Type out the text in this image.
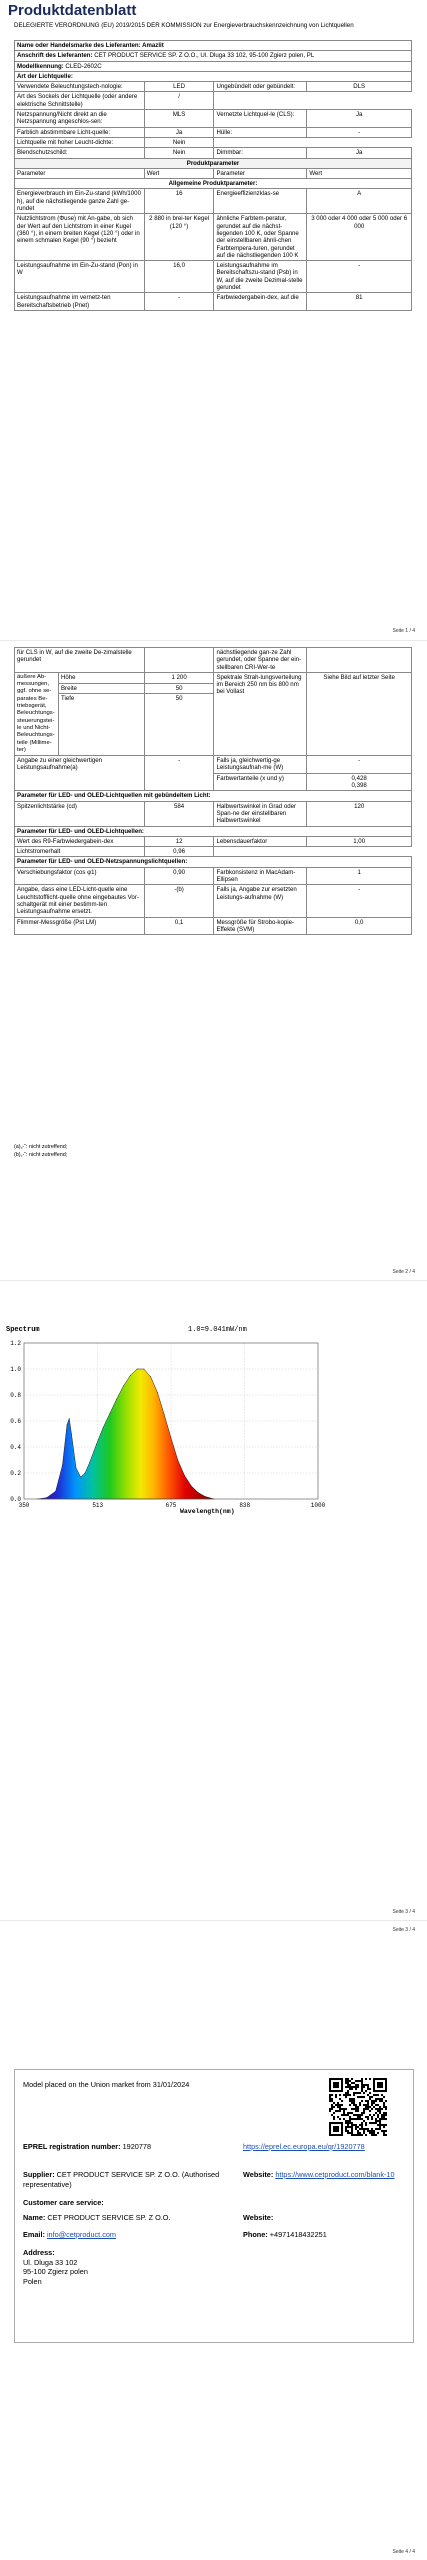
Produktdatenblatt
DELEGIERTE VERORDNUNG (EU) 2019/2015 DER KOMMISSION zur Energieverbrauchskennzeichnung von Lichtquellen
Name oder Handelsmarke des Lieferanten: Amazlit			
Anschrift des Lieferanten: CET PRODUCT SERVICE SP. Z O.O., Ul. Dluga 33 102, 95-100 Zgierz polen, PL			
Modellkennung: CLED-2602C			
Art der Lichtquelle:			
Verwendete Beleuchtungstech-nologie:	LED	Ungebündelt oder gebündelt:	DLS
Art des Sockels der Lichtquelle (oder andere elektrische Schnittstelle)	/		
Netzspannung/Nicht direkt an die Netzspannung angeschlos-sen:	MLS	Vernetzte Lichtquel-le (CLS):	Ja
Farblich abstimmbare Licht-quelle:	Ja	Hülle:	-
Lichtquelle mit hoher Leucht-dichte:	Nein		
Blendschutzschild:	Nein	Dimmbar:	Ja
Produktparameter			
Parameter	Wert	Parameter	Wert
Allgemeine Produktparameter:			
Energieverbrauch im Ein-Zu-stand (kWh/1000 h), auf die nächstliegende ganze Zahl ge-rundet	16	Energieeffizienzklas-se	A
Nutzlichtstrom (Φuse) mit An-gabe, ob sich der Wert auf den Lichtstrom in einer Kugel (360 °), in einem breiten Kegel (120 °) oder in einem schmalen Kegel (90 °) bezieht	2 880 in brei-ter Kegel (120 °)	ähnliche Farbtem-peratur, gerundet auf die nächst-liegenden 100 K, oder Spanne der einstellbaren ähnli-chen Farbtempera-turen, gerundet auf die nächstliegenden 100 K	3 000 oder 4 000 oder 5 000 oder 6 000
Leistungsaufnahme im Ein-Zu-stand (Pon) in W	16,0	Leistungsaufnahme im Bereitschaftszu-stand (Psb) in W, auf die zweite Dezimal-stelle gerundet	-
Leistungsaufnahme im vernetz-ten Bereitschaftsbetrieb (Pnet)	-	Farbwiedergabein-dex, auf die	81
Seite 1 / 4
für CLS in W, auf die zweite De-zimalstelle gerundet			nächstliegende gan-ze Zahl gerundet, oder Spanne der ein-stellbaren CRI-Wer-te	
äußere Ab-messungen, ggf. ohne se-parates Be-triebsgerät, Beleuchtungs-steuerungstei-le und Nicht-Beleuchtungs-teile (Millime-ter)	Höhe	1 200	Spektrale Strah-lungsverteilung im Bereich 250 nm bis 800 nm bei Vollast	Siehe Bild auf letzter Seite
	Breite	50		
	Tiefe	50		
Angabe zu einer gleichwertigen Leistungsaufnahme(a)		-	Falls ja, gleichwertig-ge Leistungsaufnah-me (W)	-
			Farbwertanteile (x und y)	0,428
0,398
Parameter für LED- und OLED-Lichtquellen mit gebündeltem Licht:				
Spitzenlichtstärke (cd)		584	Halbwertswinkel in Grad oder Span-ne der einstellbaren Halbwertswinkel	120
Parameter für LED- und OLED-Lichtquellen:				
Wert des R9-Farbwiedergabein-dex		12	Lebensdauerfaktor	1,00
Lichtstromerhalt		0,96		
Parameter für LED- und OLED-Netzspannungslichtquellen:				
Verschiebungsfaktor (cos φ1)		0,90	Farbkonsistenz in MacAdam-Ellipsen	1
Angabe, dass eine LED-Licht-quelle eine Leuchtstofflicht-quelle ohne eingebautes Vor-schaltgerät mit einer bestimm-ten Leistungsaufnahme ersetzt.		-(b)	Falls ja, Angabe zur ersetzten Leistungs-aufnahme (W)	-
Flimmer-Messgröße (Pst LM)		0,1	Messgröße für Strobo-kopie-Effekte (SVM)	0,0
(a)„-“: nicht zutreffend;
(b)„-“: nicht zutreffend;
Seite 2 / 4
0.0
0.2
0.4
0.6
0.8
1.0
1.2
350	513	675	838	1000
Spectrum	1.0=9.041mW/nm
Wavelength(nm)
Seite 3 / 4
Model placed on the Union market from 31/01/2024
EPREL registration number: 1920778	https://eprel.ec.europa.eu/qr/1920778
Supplier: CET PRODUCT SERVICE SP. Z O.O. (Authorised representative)
Website: https://www.cetproduct.com/blank-10
Customer care service:
Name: CET PRODUCT SERVICE SP. Z O.O.	Website:
Email: info@cetproduct.com	Phone: +4971418432251
Address:
Ul. Dluga 33 102
95-100 Zgierz polen
Polen
Seite 3 / 4
Seite 4 / 4
